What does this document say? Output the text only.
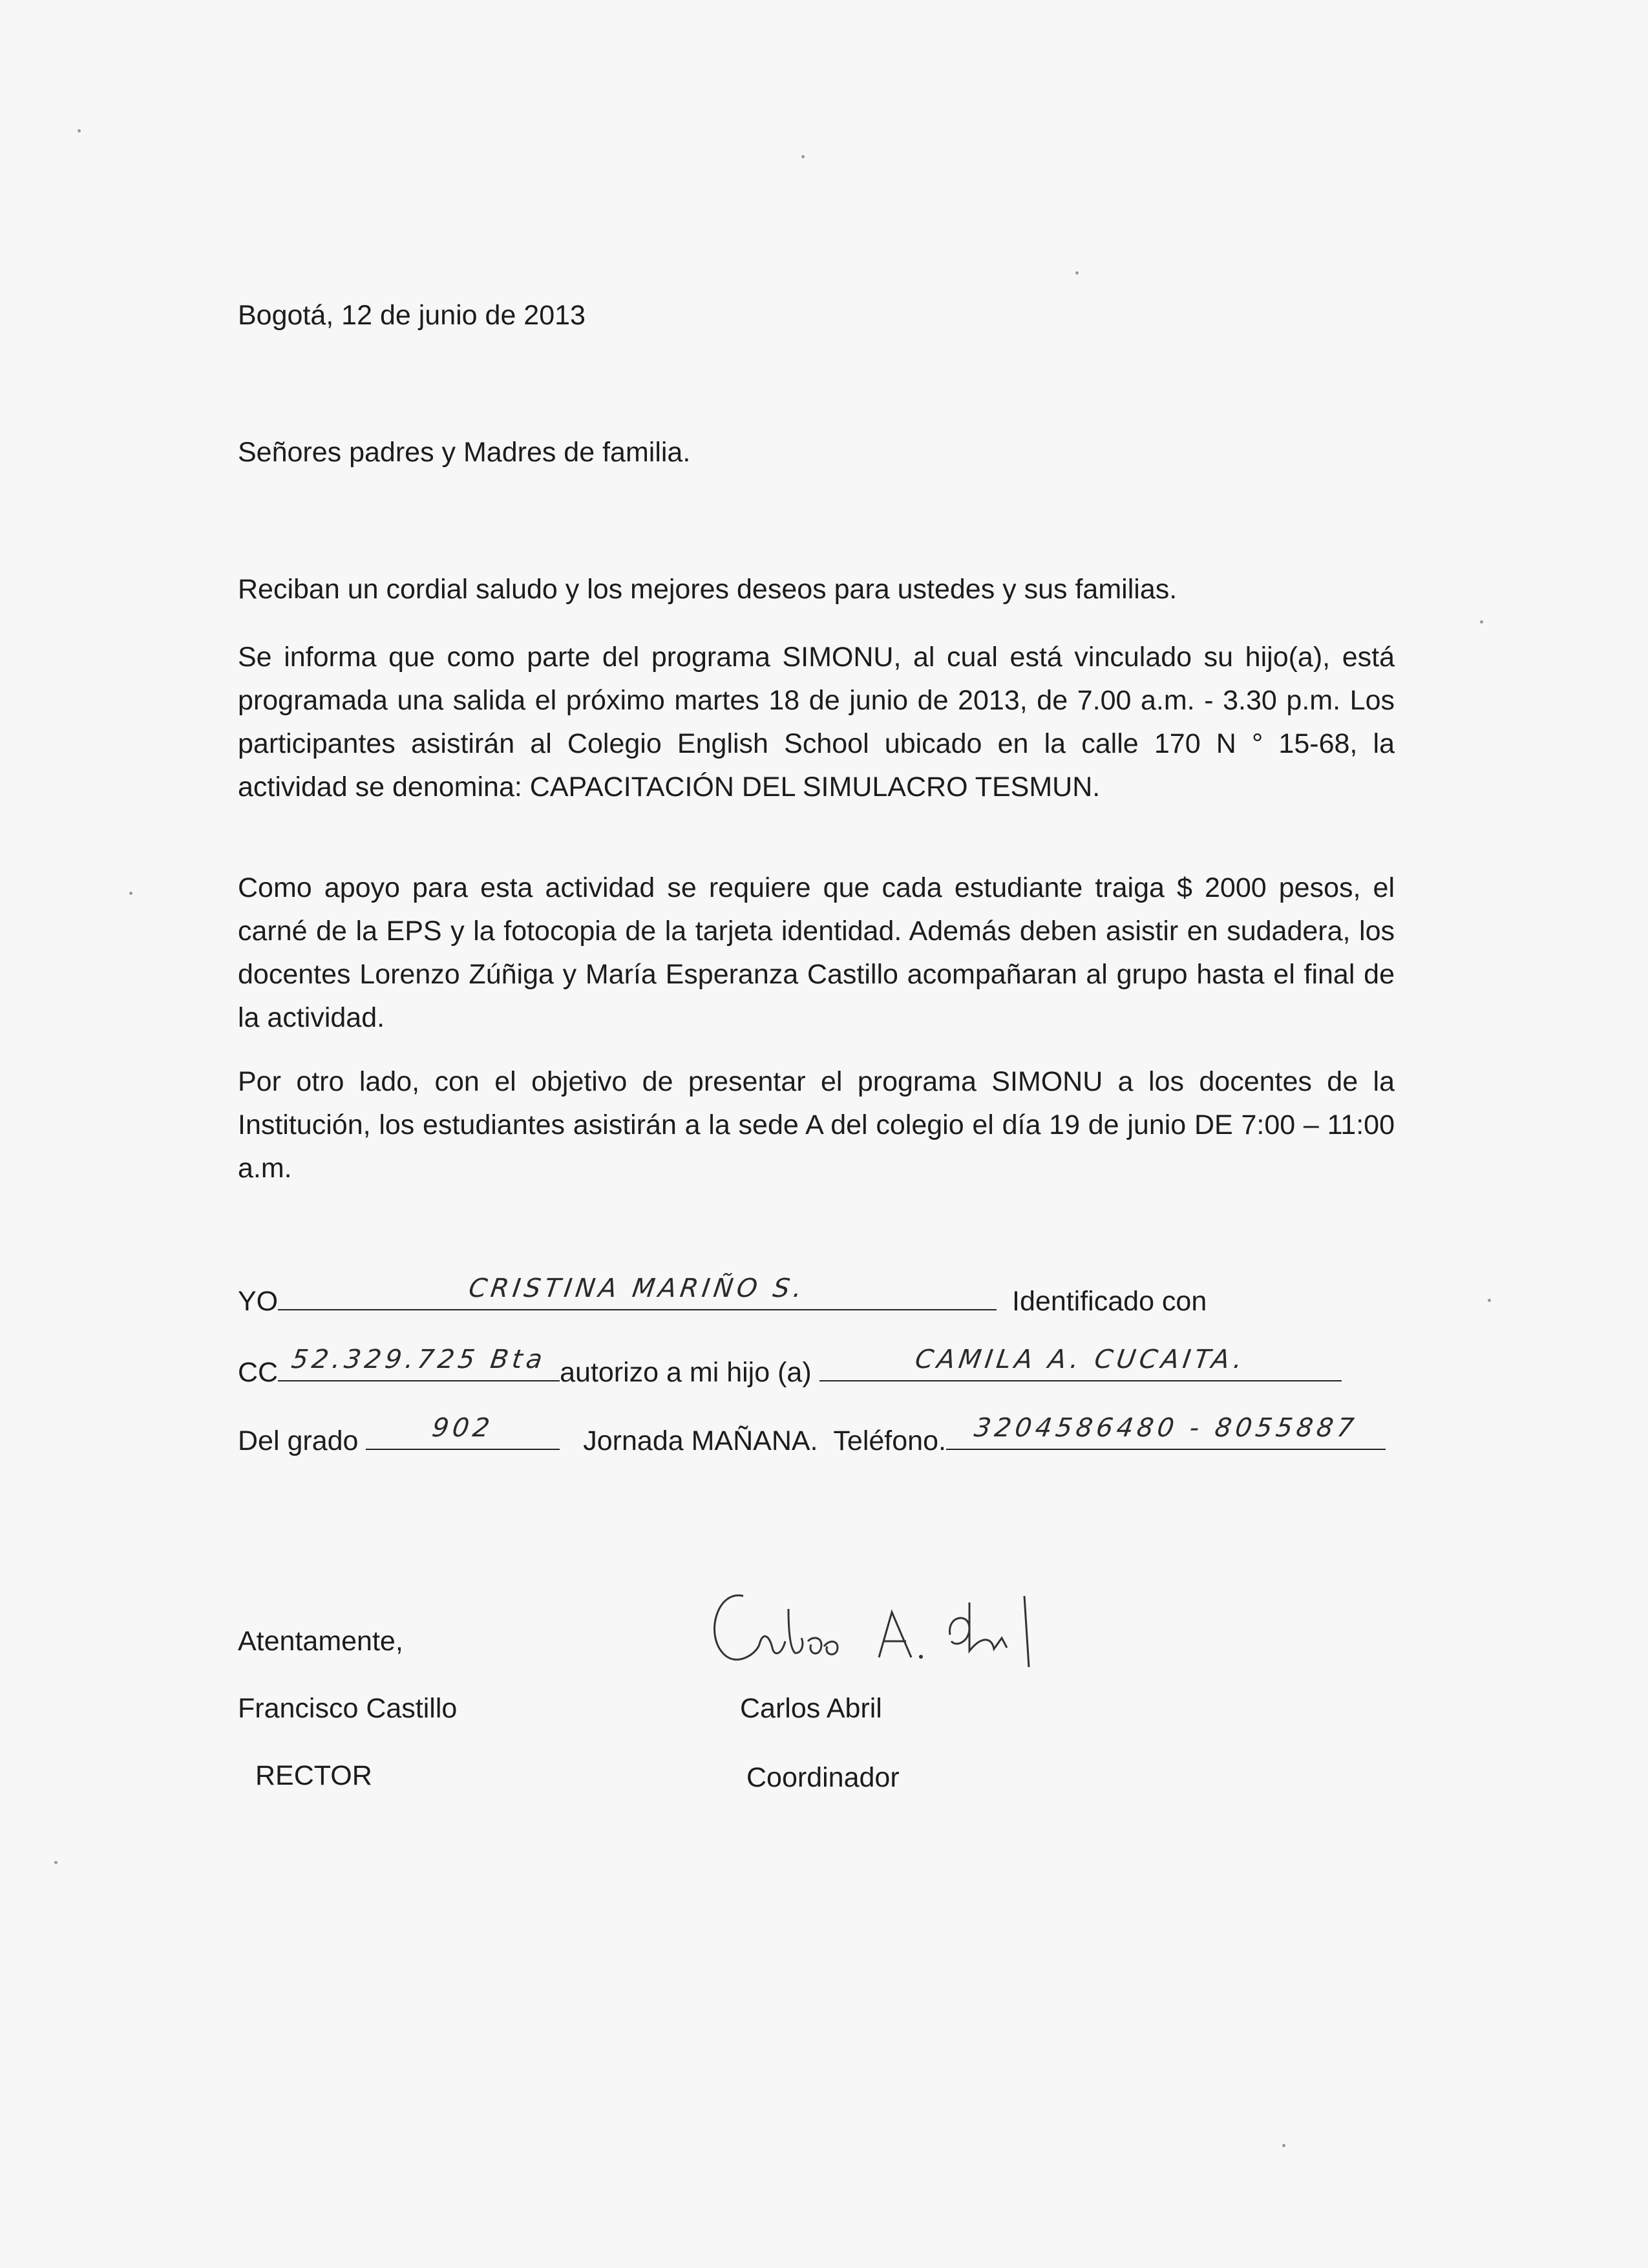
Bogotá, 12 de junio de 2013
Señores padres y Madres de familia.
Reciban un cordial saludo y los mejores deseos para ustedes y sus familias.
Se informa que como parte del programa SIMONU, al cual está vinculado su hijo(a), está programada una salida el próximo martes 18 de junio de 2013, de 7.00 a.m. - 3.30 p.m. Los participantes asistirán al Colegio English School ubicado en la calle 170 N ° 15-68, la actividad se denomina: CAPACITACIÓN DEL SIMULACRO TESMUN.
Como apoyo para esta actividad se requiere que cada estudiante traiga $ 2000 pesos, el carné de la EPS y la fotocopia de la tarjeta identidad. Además deben asistir en sudadera, los docentes Lorenzo Zúñiga y María Esperanza Castillo acompañaran al grupo hasta el final de la actividad.
Por otro lado, con el objetivo de presentar el programa SIMONU a los docentes de la Institución, los estudiantes asistirán a la sede A del colegio el día 19 de junio DE 7:00 – 11:00 a.m.
YO	CRISTINA MARIÑO S.	Identificado con
CC 52.329.725 Bta autorizo a mi hijo (a)	CAMILA A. CUCAITA.
Del grado	902	Jornada MAÑANA. Teléfono.	3204586480 - 8055887
Atentamente,
Francisco Castillo
RECTOR
Carlos Abril
Coordinador
